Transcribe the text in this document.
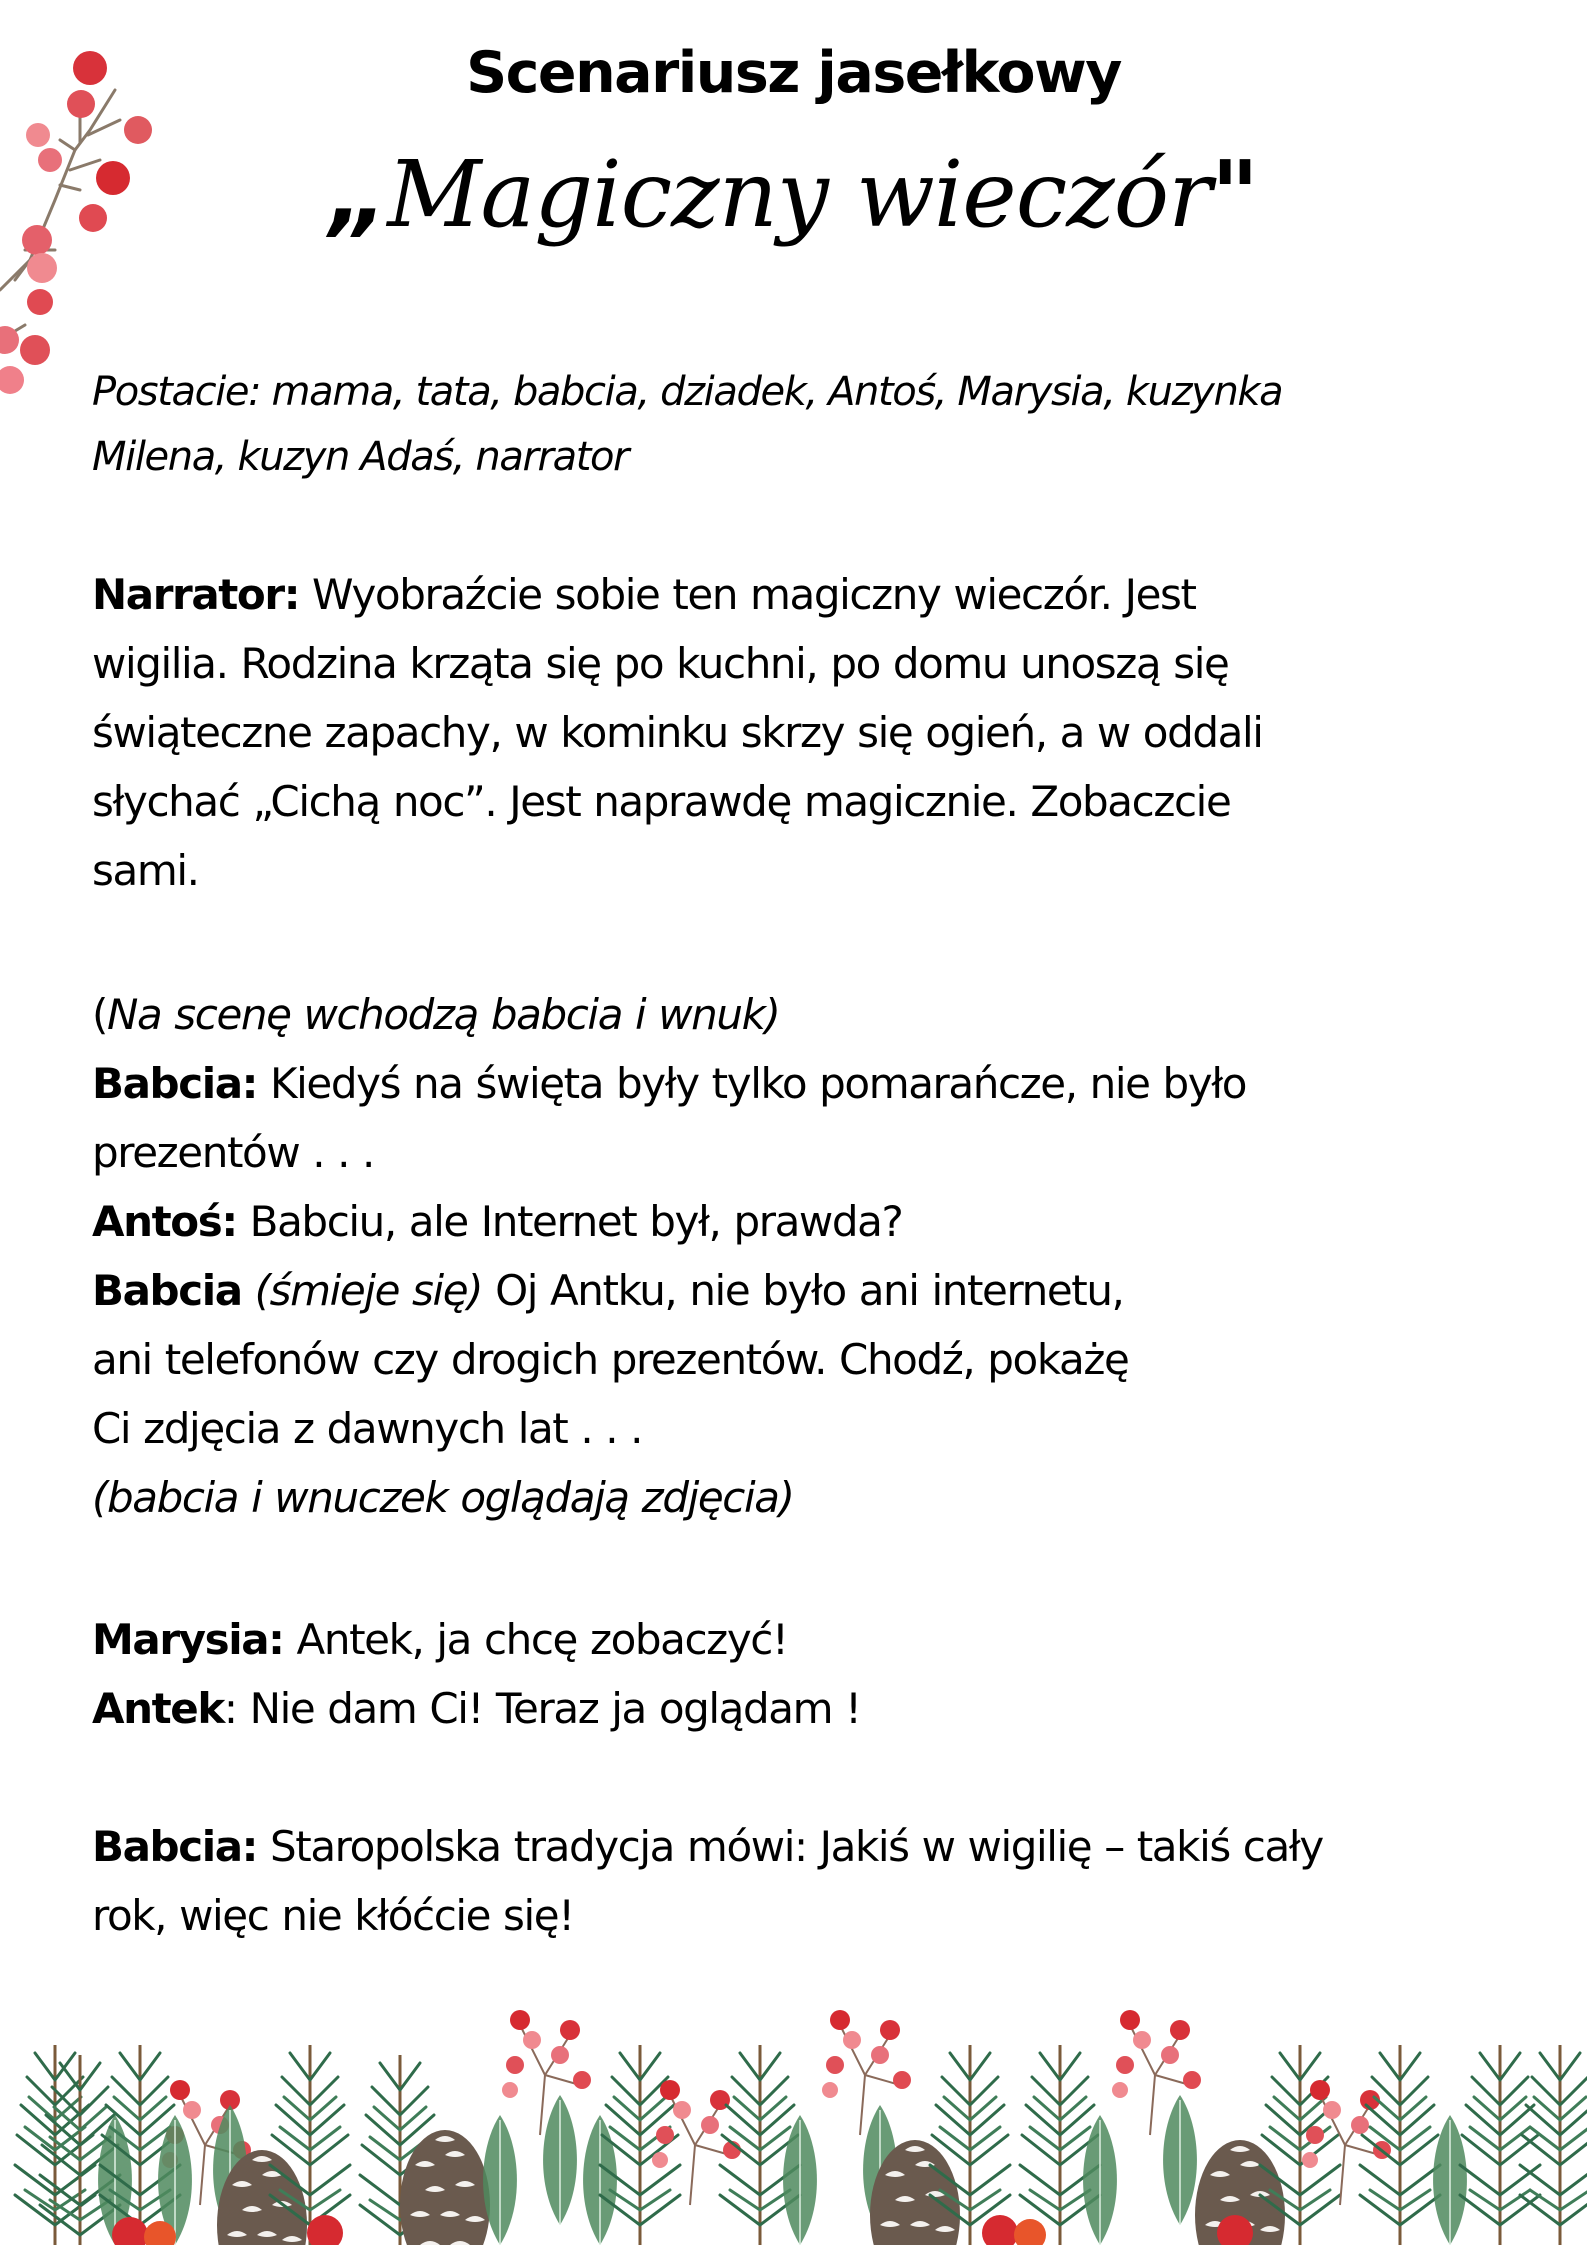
Scenariusz jasełkowy
„Magiczny wieczór"
Postacie: mama, tata, babcia, dziadek, Antoś, Marysia, kuzynka
Milena, kuzyn Adaś, narrator
Narrator: Wyobraźcie sobie ten magiczny wieczór. Jest
wigilia. Rodzina krząta się po kuchni, po domu unoszą się
świąteczne zapachy, w kominku skrzy się ogień, a w oddali
słychać „Cichą noc”. Jest naprawdę magicznie. Zobaczcie
sami.
(Na scenę wchodzą babcia i wnuk)
Babcia: Kiedyś na święta były tylko pomarańcze, nie było
prezentów . . .
Antoś: Babciu, ale Internet był, prawda?
Babcia (śmieje się) Oj Antku, nie było ani internetu,
ani telefonów czy drogich prezentów. Chodź, pokażę
Ci zdjęcia z dawnych lat . . .
(babcia i wnuczek oglądają zdjęcia)
Marysia: Antek, ja chcę zobaczyć!
Antek: Nie dam Ci! Teraz ja oglądam !
Babcia: Staropolska tradycja mówi: Jakiś w wigilię – takiś cały
rok, więc nie kłóćcie się!
